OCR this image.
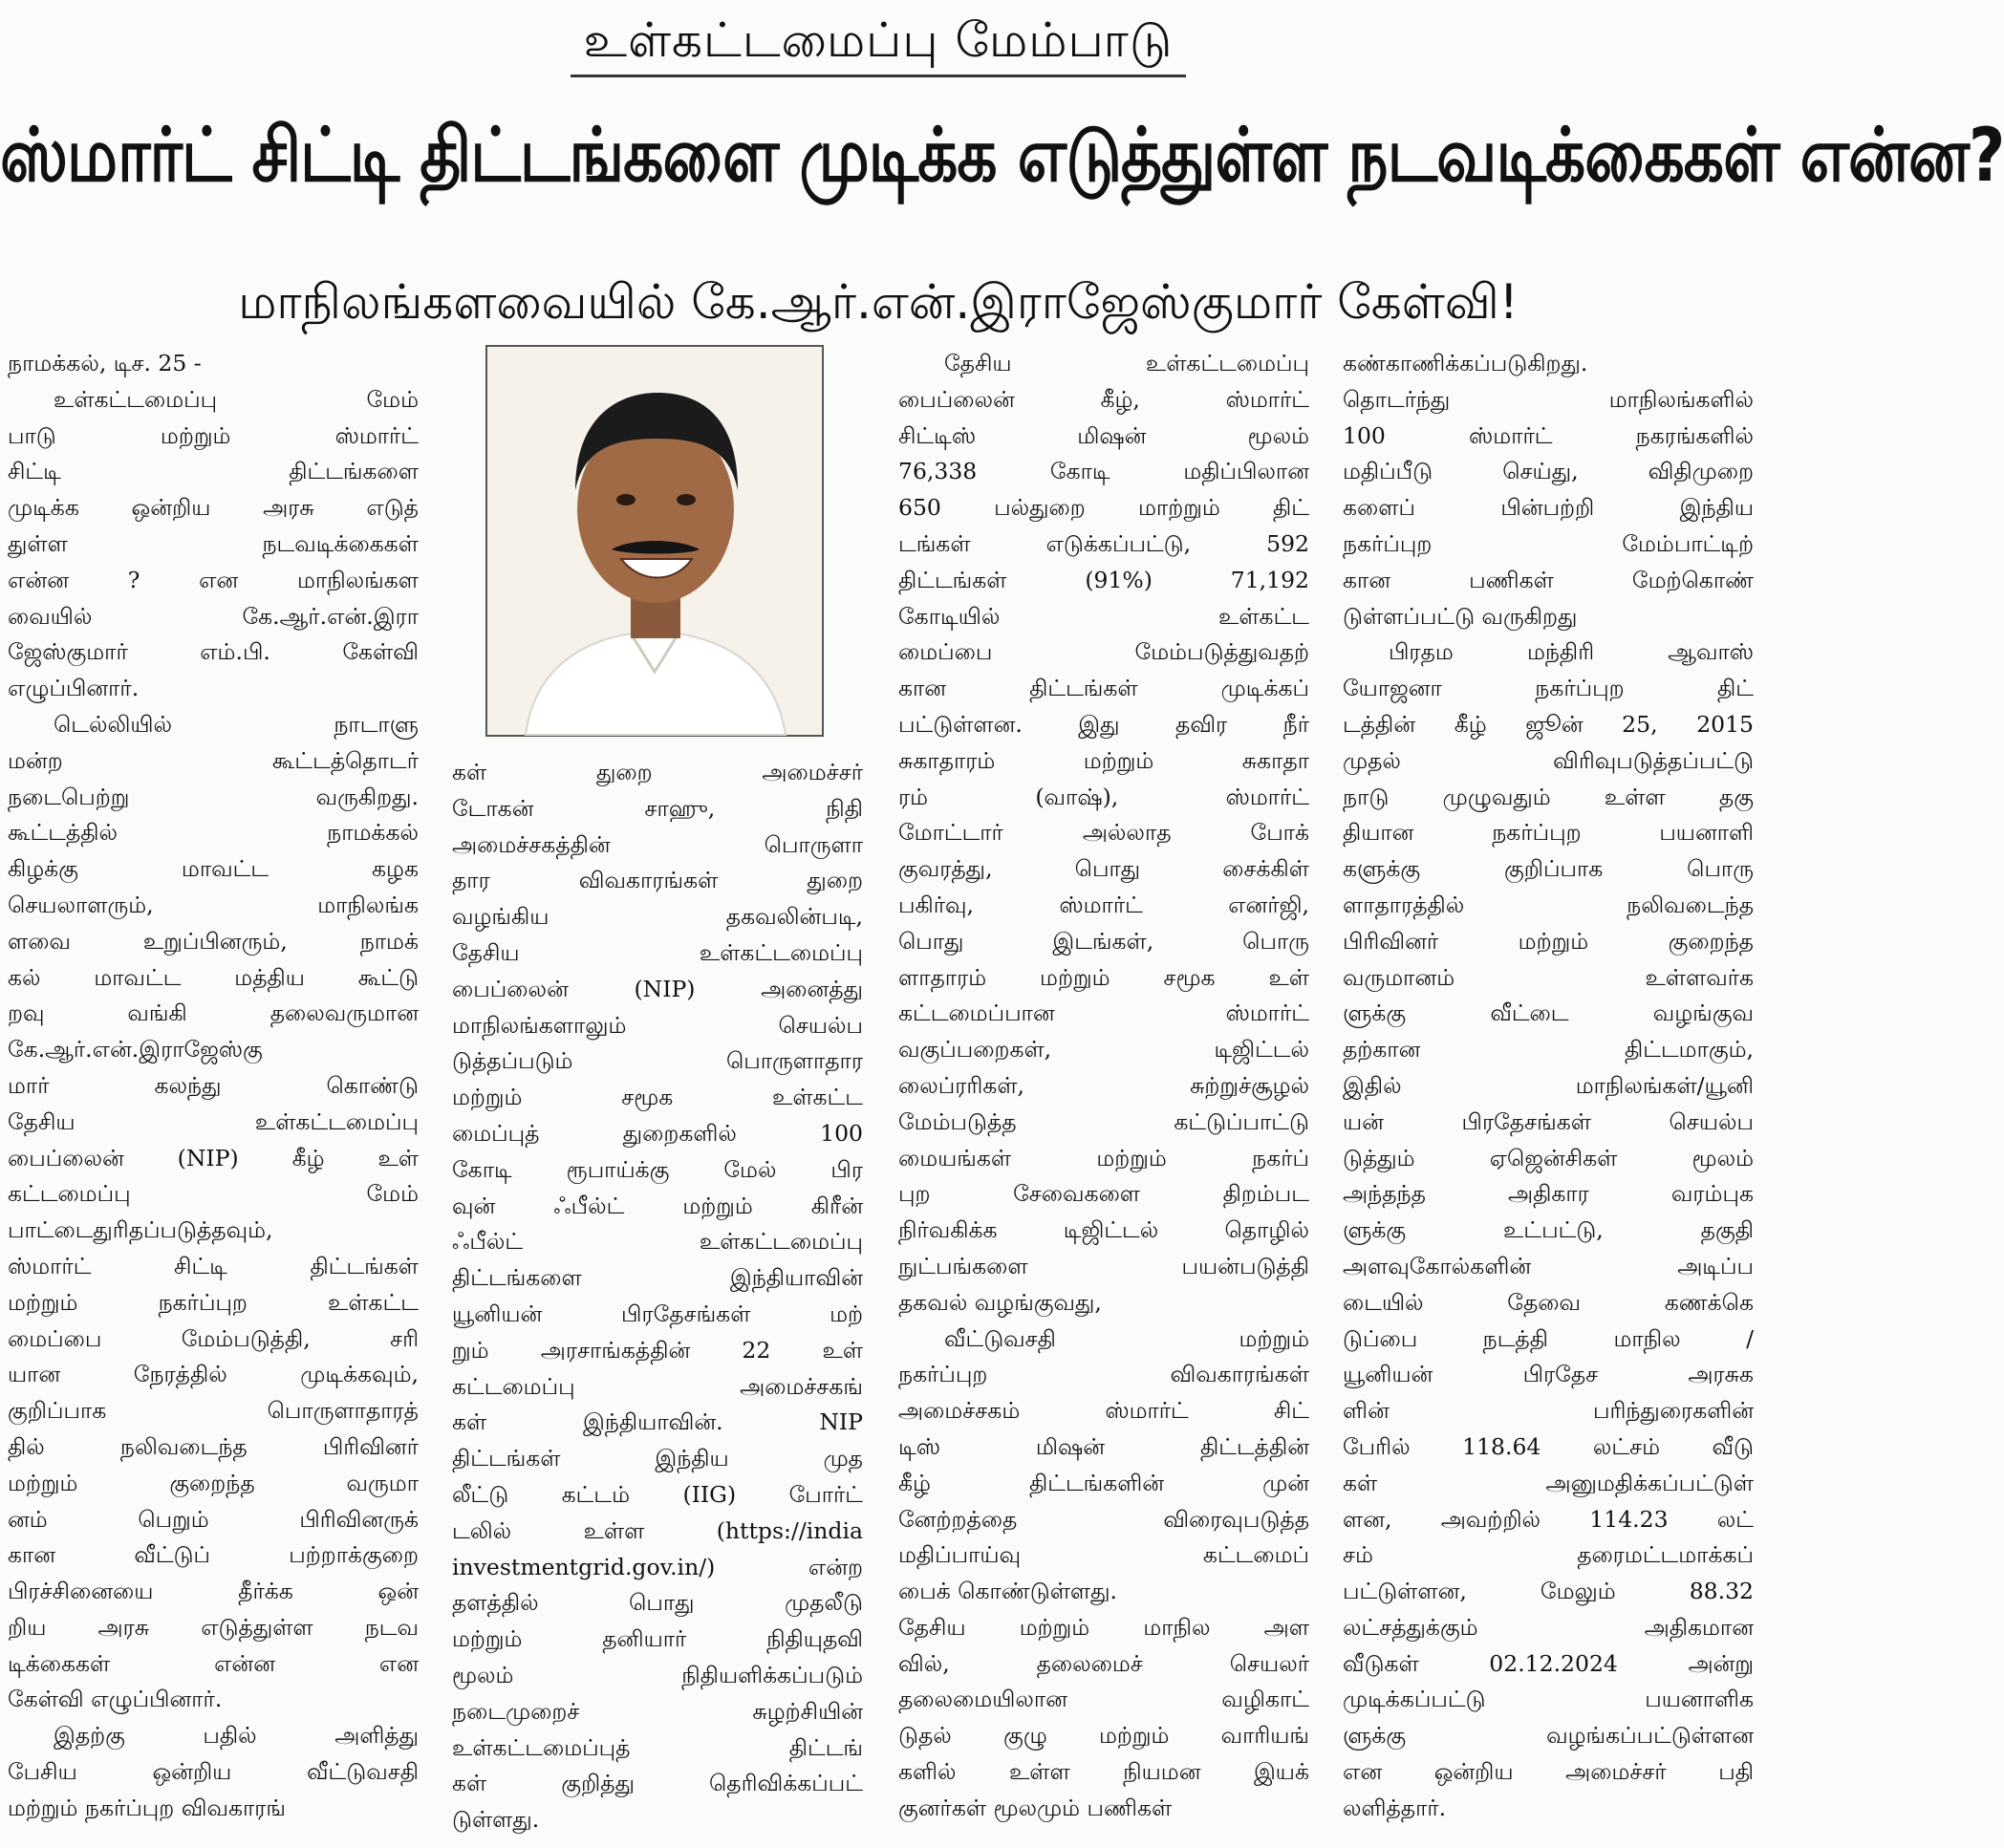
உள்கட்டமைப்பு மேம்பாடு
ஸ்மார்ட் சிட்டி திட்டங்களை முடிக்க எடுத்துள்ள நடவடிக்கைகள் என்ன?
மாநிலங்களவையில் கே.ஆர்.என்.இராஜேஸ்குமார் கேள்வி!
நாமக்கல், டிச. 25 -
உள்கட்டமைப்பு மேம்
பாடு மற்றும் ஸ்மார்ட்
சிட்டி திட்டங்களை
முடிக்க ஒன்றிய அரசு எடுத்
துள்ள நடவடிக்கைகள்
என்ன ? என மாநிலங்கள
வையில் கே.ஆர்.என்.இரா
ஜேஸ்குமார் எம்.பி. கேள்வி
எழுப்பினார்.
டெல்லியில் நாடாளு
மன்ற கூட்டத்தொடர்
நடைபெற்று வருகிறது.
கூட்டத்தில் நாமக்கல்
கிழக்கு மாவட்ட கழக
செயலாளரும், மாநிலங்க
ளவை உறுப்பினரும், நாமக்
கல் மாவட்ட மத்திய கூட்டு
றவு வங்கி தலைவருமான
கே.ஆர்.என்.இராஜேஸ்கு
மார் கலந்து கொண்டு
தேசிய உள்கட்டமைப்பு
பைப்லைன் (NIP) கீழ் உள்
கட்டமைப்பு மேம்
பாட்டைதுரிதப்படுத்தவும்,
ஸ்மார்ட் சிட்டி திட்டங்கள்
மற்றும் நகர்ப்புற உள்கட்ட
மைப்பை மேம்படுத்தி, சரி
யான நேரத்தில் முடிக்கவும்,
குறிப்பாக பொருளாதாரத்
தில் நலிவடைந்த பிரிவினர்
மற்றும் குறைந்த வருமா
னம் பெறும் பிரிவினருக்
கான வீட்டுப் பற்றாக்குறை
பிரச்சினையை தீர்க்க ஒன்
றிய அரசு எடுத்துள்ள நடவ
டிக்கைகள் என்ன என
கேள்வி எழுப்பினார்.
இதற்கு பதில் அளித்து
பேசிய ஒன்றிய வீட்டுவசதி
மற்றும் நகர்ப்புற விவகாரங்
கள் துறை அமைச்சர்
டோகன் சாஹு, நிதி
அமைச்சகத்தின் பொருளா
தார விவகாரங்கள் துறை
வழங்கிய தகவலின்படி,
தேசிய உள்கட்டமைப்பு
பைப்லைன் (NIP) அனைத்து
மாநிலங்களாலும் செயல்ப
டுத்தப்படும் பொருளாதார
மற்றும் சமூக உள்கட்ட
மைப்புத் துறைகளில் 100
கோடி ரூபாய்க்கு மேல் பிர
வுன் ஃபீல்ட் மற்றும் கிரீன்
ஃபீல்ட் உள்கட்டமைப்பு
திட்டங்களை இந்தியாவின்
யூனியன் பிரதேசங்கள் மற்
றும் அரசாங்கத்தின் 22 உள்
கட்டமைப்பு அமைச்சகங்
கள் இந்தியாவின். NIP
திட்டங்கள் இந்திய முத
லீட்டு கட்டம் (IIG) போர்ட்
டலில் உள்ள (https://india
investmentgrid.gov.in/) என்ற
தளத்தில் பொது முதலீடு
மற்றும் தனியார் நிதியுதவி
மூலம் நிதியளிக்கப்படும்
நடைமுறைச் சுழற்சியின்
உள்கட்டமைப்புத் திட்டங்
கள் குறித்து தெரிவிக்கப்பட்
டுள்ளது.
தேசிய உள்கட்டமைப்பு
பைப்லைன் கீழ், ஸ்மார்ட்
சிட்டிஸ் மிஷன் மூலம்
76,338 கோடி மதிப்பிலான
650 பல்துறை மாற்றும் திட்
டங்கள் எடுக்கப்பட்டு, 592
திட்டங்கள் (91%) 71,192
கோடியில் உள்கட்ட
மைப்பை மேம்படுத்துவதற்
கான திட்டங்கள் முடிக்கப்
பட்டுள்ளன. இது தவிர நீர்
சுகாதாரம் மற்றும் சுகாதா
ரம் (வாஷ்), ஸ்மார்ட்
மோட்டார் அல்லாத போக்
குவரத்து, பொது சைக்கிள்
பகிர்வு, ஸ்மார்ட் எனர்ஜி,
பொது இடங்கள், பொரு
ளாதாரம் மற்றும் சமூக உள்
கட்டமைப்பான ஸ்மார்ட்
வகுப்பறைகள், டிஜிட்டல்
லைப்ரரிகள், சுற்றுச்சூழல்
மேம்படுத்த கட்டுப்பாட்டு
மையங்கள் மற்றும் நகர்ப்
புற சேவைகளை திறம்பட
நிர்வகிக்க டிஜிட்டல் தொழில்
நுட்பங்களை பயன்படுத்தி
தகவல் வழங்குவது,
வீட்டுவசதி மற்றும்
நகர்ப்புற விவகாரங்கள்
அமைச்சகம் ஸ்மார்ட் சிட்
டிஸ் மிஷன் திட்டத்தின்
கீழ் திட்டங்களின் முன்
னேற்றத்தை விரைவுபடுத்த
மதிப்பாய்வு கட்டமைப்
பைக் கொண்டுள்ளது.
தேசிய மற்றும் மாநில அள
வில், தலைமைச் செயலர்
தலைமையிலான வழிகாட்
டுதல் குழு மற்றும் வாரியங்
களில் உள்ள நியமன இயக்
குனர்கள் மூலமும் பணிகள்
கண்காணிக்கப்படுகிறது.
தொடர்ந்து மாநிலங்களில்
100 ஸ்மார்ட் நகரங்களில்
மதிப்பீடு செய்து, விதிமுறை
களைப் பின்பற்றி இந்திய
நகர்ப்புற மேம்பாட்டிற்
கான பணிகள் மேற்கொண்
டுள்ளப்பட்டு வருகிறது
பிரதம மந்திரி ஆவாஸ்
யோஜனா நகர்ப்புற திட்
டத்தின் கீழ் ஜூன் 25, 2015
முதல் விரிவுபடுத்தப்பட்டு
நாடு முழுவதும் உள்ள தகு
தியான நகர்ப்புற பயனாளி
களுக்கு குறிப்பாக பொரு
ளாதாரத்தில் நலிவடைந்த
பிரிவினர் மற்றும் குறைந்த
வருமானம் உள்ளவர்க
ளுக்கு வீட்டை வழங்குவ
தற்கான திட்டமாகும்,
இதில் மாநிலங்கள்/யூனி
யன் பிரதேசங்கள் செயல்ப
டுத்தும் ஏஜென்சிகள் மூலம்
அந்தந்த அதிகார வரம்புக
ளுக்கு உட்பட்டு, தகுதி
அளவுகோல்களின் அடிப்ப
டையில் தேவை கணக்கெ
டுப்பை நடத்தி மாநில /
யூனியன் பிரதேச அரசுக
ளின் பரிந்துரைகளின்
பேரில் 118.64 லட்சம் வீடு
கள் அனுமதிக்கப்பட்டுள்
ளன, அவற்றில் 114.23 லட்
சம் தரைமட்டமாக்கப்
பட்டுள்ளன, மேலும் 88.32
லட்சத்துக்கும் அதிகமான
வீடுகள் 02.12.2024 அன்று
முடிக்கப்பட்டு பயனாளிக
ளுக்கு வழங்கப்பட்டுள்ளன
என ஒன்றிய அமைச்சர் பதி
லளித்தார்.
